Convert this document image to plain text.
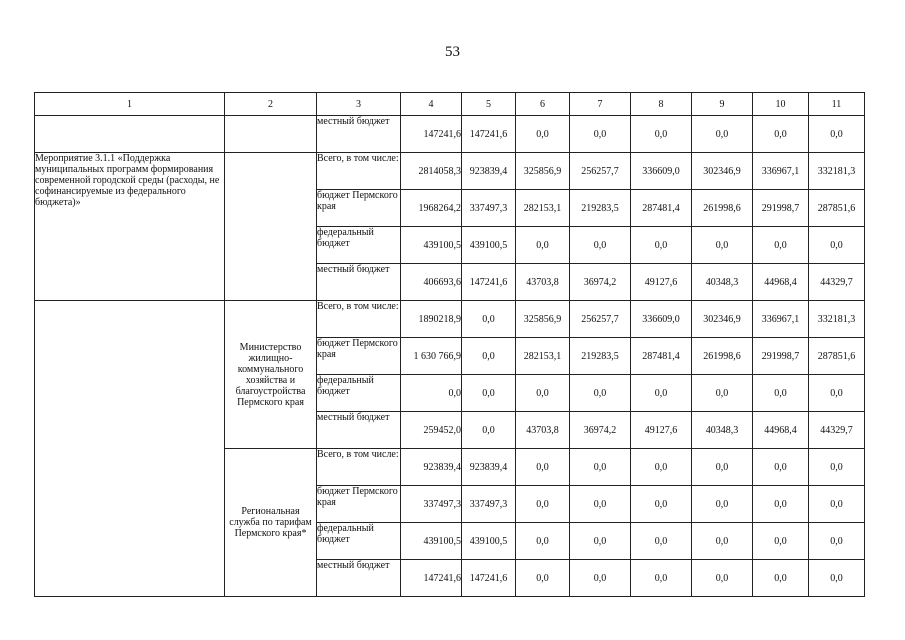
53
1	2	3	4	5	6	7	8	9	10	11
		местный бюджет	147241,6	147241,6	0,0	0,0	0,0	0,0	0,0	0,0
Мероприятие 3.1.1 «Поддержка муниципальных программ формирования современной городской среды (расходы, не софинансируемые из федерального бюджета)»		Всего, в том числе:	2814058,3	923839,4	325856,9	256257,7	336609,0	302346,9	336967,1	332181,3
		бюджет Пермского края	1968264,2	337497,3	282153,1	219283,5	287481,4	261998,6	291998,7	287851,6
		федеральный бюджет	439100,5	439100,5	0,0	0,0	0,0	0,0	0,0	0,0
		местный бюджет	406693,6	147241,6	43703,8	36974,2	49127,6	40348,3	44968,4	44329,7
	Министерство жилищно-коммунального хозяйства и благоустройства Пермского края	Всего, в том числе:	1890218,9	0,0	325856,9	256257,7	336609,0	302346,9	336967,1	332181,3
		бюджет Пермского края	1 630 766,9	0,0	282153,1	219283,5	287481,4	261998,6	291998,7	287851,6
		федеральный бюджет	0,0	0,0	0,0	0,0	0,0	0,0	0,0	0,0
		местный бюджет	259452,0	0,0	43703,8	36974,2	49127,6	40348,3	44968,4	44329,7
	Региональная служба по тарифам Пермского края*	Всего, в том числе:	923839,4	923839,4	0,0	0,0	0,0	0,0	0,0	0,0
		бюджет Пермского края	337497,3	337497,3	0,0	0,0	0,0	0,0	0,0	0,0
		федеральный бюджет	439100,5	439100,5	0,0	0,0	0,0	0,0	0,0	0,0
		местный бюджет	147241,6	147241,6	0,0	0,0	0,0	0,0	0,0	0,0
